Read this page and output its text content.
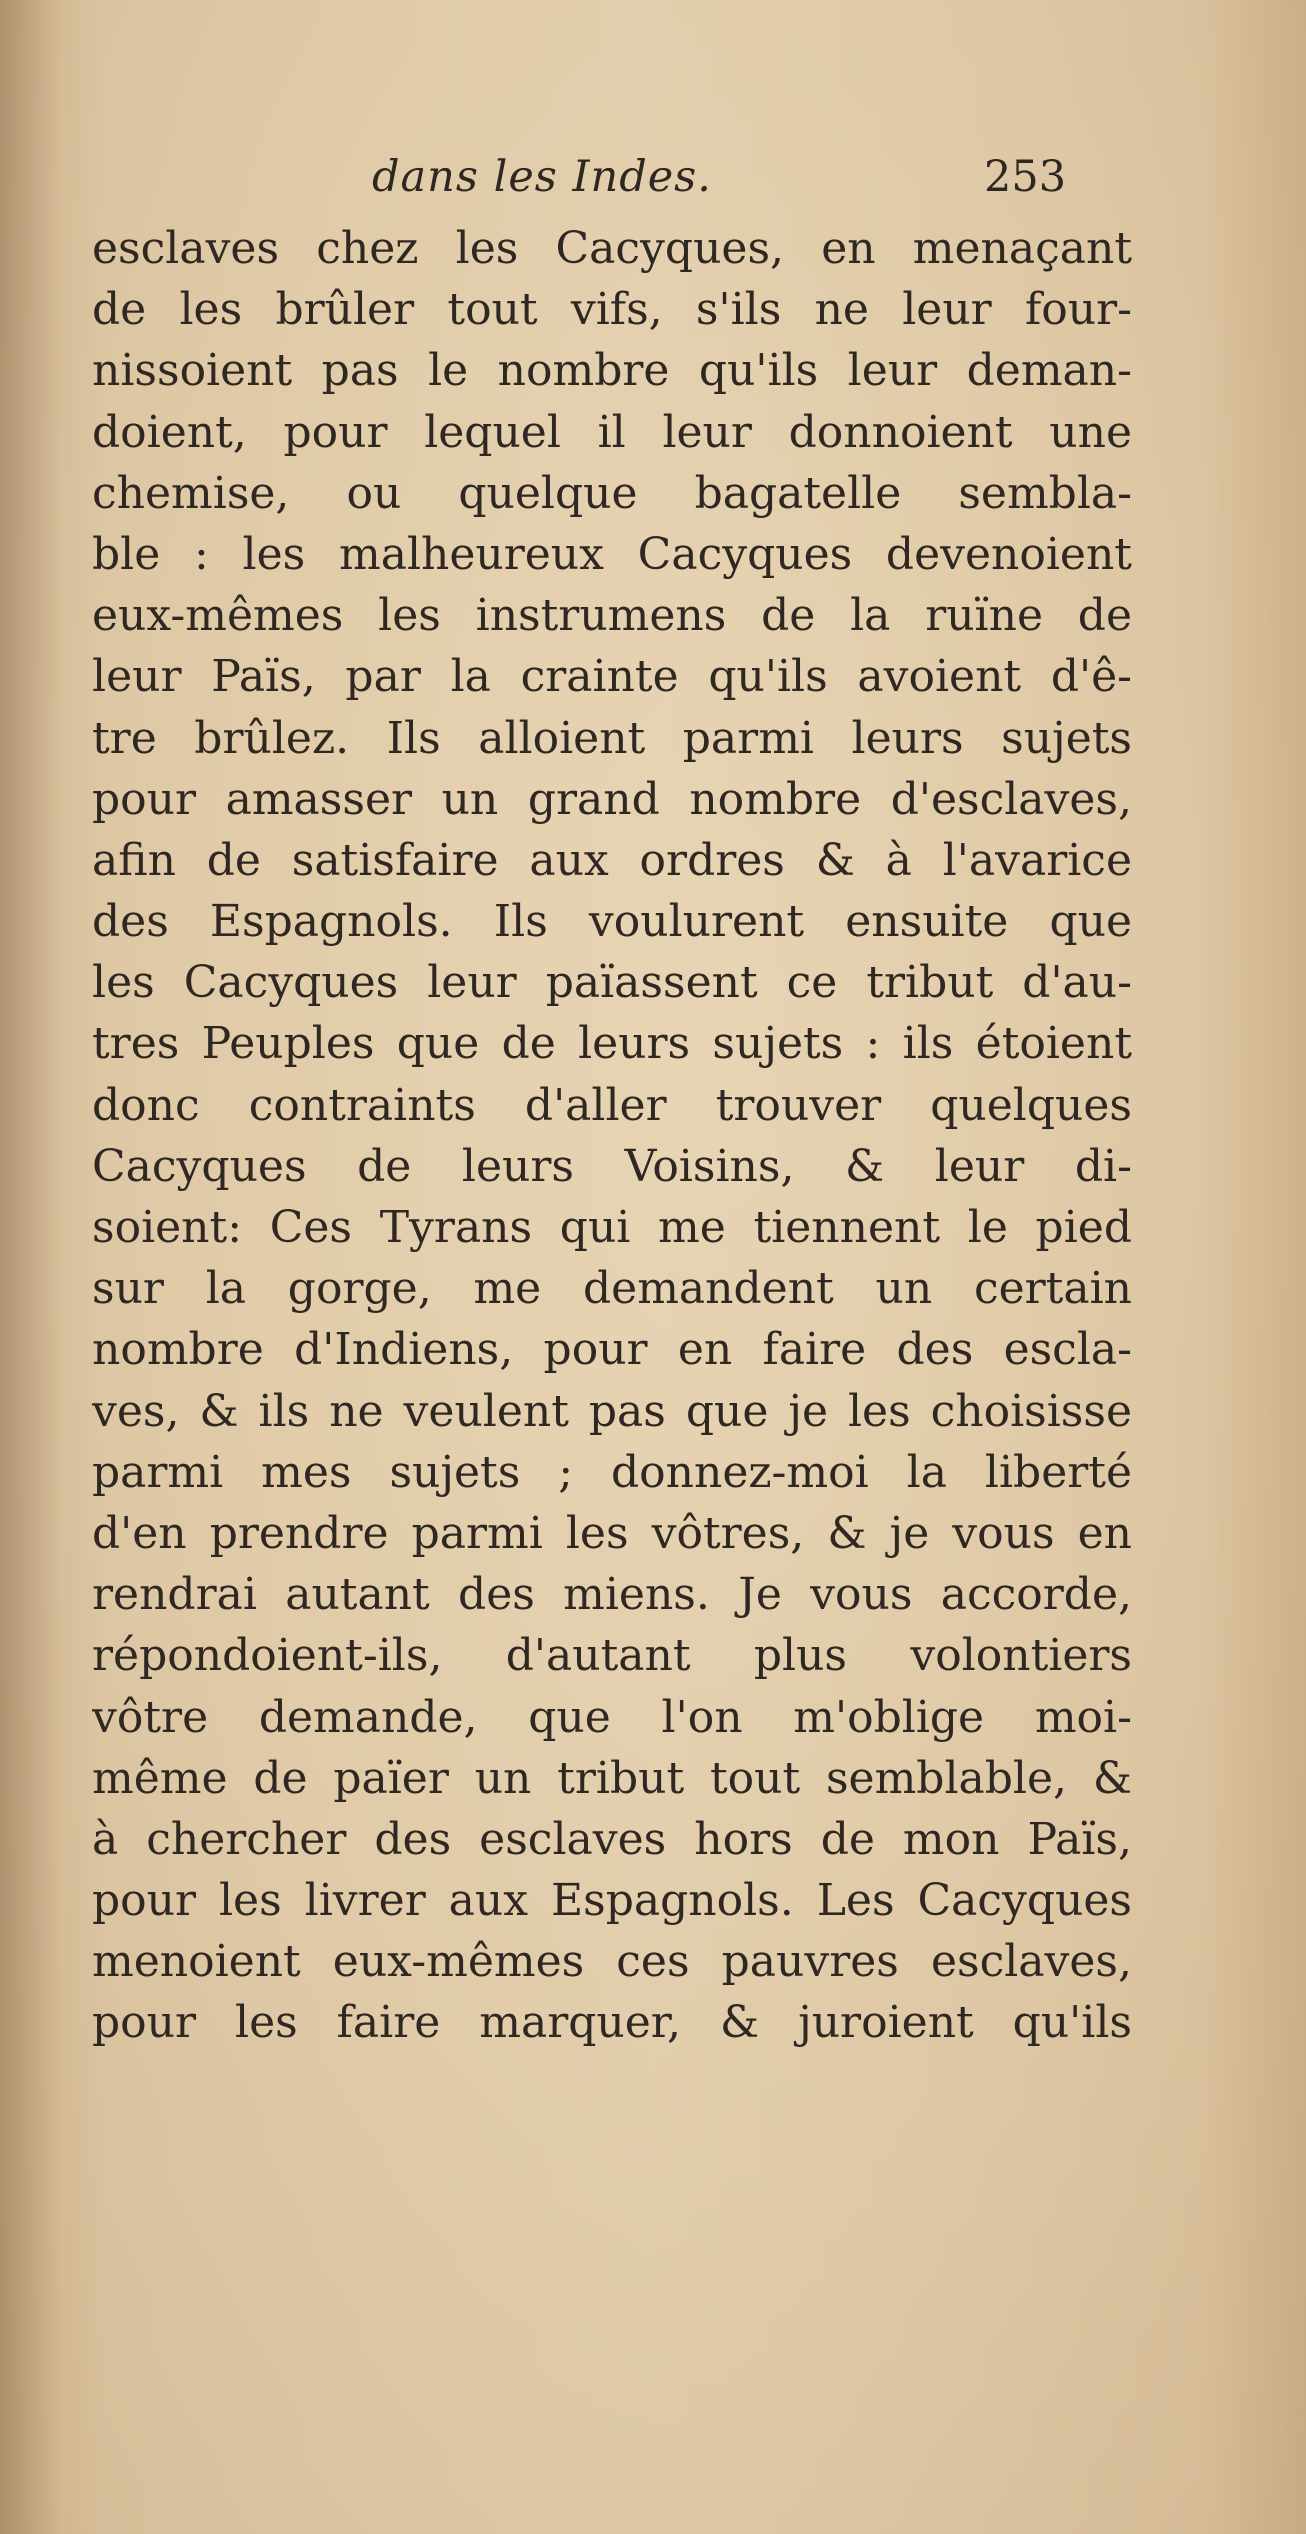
dans les Indes.	253
esclaves chez les Cacyques, en menaçant
de les brûler tout vifs, s'ils ne leur four-
nissoient pas le nombre qu'ils leur deman-
doient, pour lequel il leur donnoient une
chemise, ou quelque bagatelle sembla-
ble : les malheureux Cacyques devenoient
eux-mêmes les instrumens de la ruïne de
leur Païs, par la crainte qu'ils avoient d'ê-
tre brûlez. Ils alloient parmi leurs sujets
pour amasser un grand nombre d'esclaves,
afin de satisfaire aux ordres & à l'avarice
des Espagnols. Ils voulurent ensuite que
les Cacyques leur païassent ce tribut d'au-
tres Peuples que de leurs sujets : ils étoient
donc contraints d'aller trouver quelques
Cacyques de leurs Voisins, & leur di-
soient: Ces Tyrans qui me tiennent le pied
sur la gorge, me demandent un certain
nombre d'Indiens, pour en faire des escla-
ves, & ils ne veulent pas que je les choisisse
parmi mes sujets ; donnez-moi la liberté
d'en prendre parmi les vôtres, & je vous en
rendrai autant des miens. Je vous accorde,
répondoient-ils, d'autant plus volontiers
vôtre demande, que l'on m'oblige moi-
même de païer un tribut tout semblable, &
à chercher des esclaves hors de mon Païs,
pour les livrer aux Espagnols. Les Cacyques
menoient eux-mêmes ces pauvres esclaves,
pour les faire marquer, & juroient qu'ils
